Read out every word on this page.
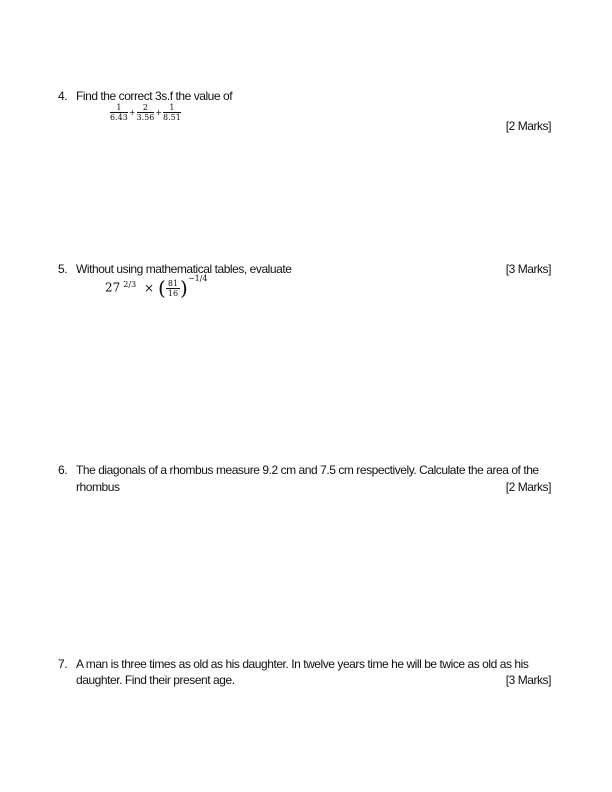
4. Find the correct 3s.f the value of
$\frac{1}{6.43} + \frac{2}{3.56} + \frac{1}{8.51}$
[2 Marks]
5. Without using mathematical tables, evaluate	[3 Marks]
27 $^{2/3}$ × ( $\frac{81}{16} )^{-1/4}$
6. The diagonals of a rhombus measure 9.2 cm and 7.5 cm respectively. Calculate the area of the
rhombus	[2 Marks]
7. A man is three times as old as his daughter. In twelve years time he will be twice as old as his
daughter. Find their present age.	[3 Marks]
